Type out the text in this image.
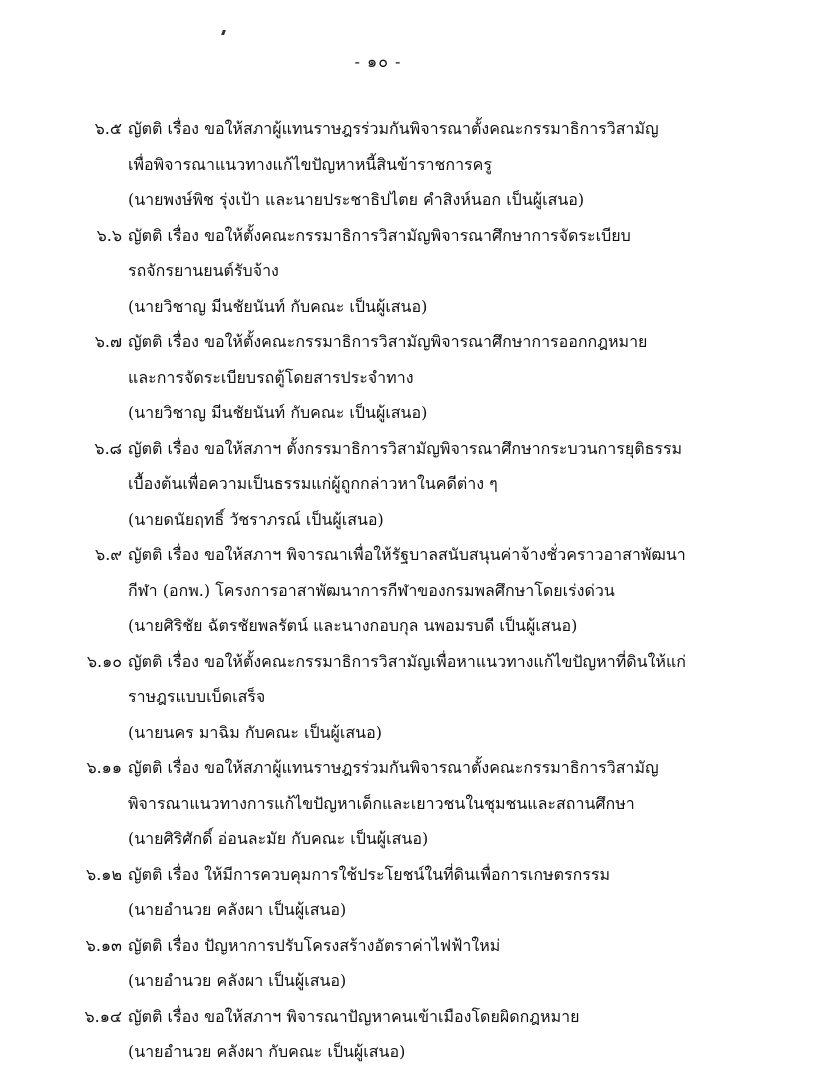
- ๑๐ -
๖.๕ ญัตติ เรื่อง ขอให้สภาผู้แทนราษฎรร่วมกันพิจารณาตั้งคณะกรรมาธิการวิสามัญ
เพื่อพิจารณาแนวทางแก้ไขปัญหาหนี้สินข้าราชการครู
(นายพงษ์พิช รุ่งเป้า และนายประชาธิปไตย คำสิงห์นอก เป็นผู้เสนอ)
๖.๖ ญัตติ เรื่อง ขอให้ตั้งคณะกรรมาธิการวิสามัญพิจารณาศึกษาการจัดระเบียบ
รถจักรยานยนต์รับจ้าง
(นายวิชาญ มีนชัยนันท์ กับคณะ เป็นผู้เสนอ)
๖.๗ ญัตติ เรื่อง ขอให้ตั้งคณะกรรมาธิการวิสามัญพิจารณาศึกษาการออกกฎหมาย
และการจัดระเบียบรถตู้โดยสารประจำทาง
(นายวิชาญ มีนชัยนันท์ กับคณะ เป็นผู้เสนอ)
๖.๘ ญัตติ เรื่อง ขอให้สภาฯ ตั้งกรรมาธิการวิสามัญพิจารณาศึกษากระบวนการยุติธรรม
เบื้องต้นเพื่อความเป็นธรรมแก่ผู้ถูกกล่าวหาในคดีต่าง ๆ
(นายดนัยฤทธิ์ วัชราภรณ์ เป็นผู้เสนอ)
๖.๙ ญัตติ เรื่อง ขอให้สภาฯ พิจารณาเพื่อให้รัฐบาลสนับสนุนค่าจ้างชั่วคราวอาสาพัฒนา
กีฬา (อกพ.) โครงการอาสาพัฒนาการกีฬาของกรมพลศึกษาโดยเร่งด่วน
(นายศิริชัย ฉัตรชัยพลรัตน์ และนางกอบกุล นพอมรบดี เป็นผู้เสนอ)
๖.๑๐ ญัตติ เรื่อง ขอให้ตั้งคณะกรรมาธิการวิสามัญเพื่อหาแนวทางแก้ไขปัญหาที่ดินให้แก่
ราษฎรแบบเบ็ดเสร็จ
(นายนคร มาฉิม กับคณะ เป็นผู้เสนอ)
๖.๑๑ ญัตติ เรื่อง ขอให้สภาผู้แทนราษฎรร่วมกันพิจารณาตั้งคณะกรรมาธิการวิสามัญ
พิจารณาแนวทางการแก้ไขปัญหาเด็กและเยาวชนในชุมชนและสถานศึกษา
(นายศิริศักดิ์ อ่อนละมัย กับคณะ เป็นผู้เสนอ)
๖.๑๒ ญัตติ เรื่อง ให้มีการควบคุมการใช้ประโยชน์ในที่ดินเพื่อการเกษตรกรรม
(นายอำนวย คลังผา เป็นผู้เสนอ)
๖.๑๓ ญัตติ เรื่อง ปัญหาการปรับโครงสร้างอัตราค่าไฟฟ้าใหม่
(นายอำนวย คลังผา เป็นผู้เสนอ)
๖.๑๔ ญัตติ เรื่อง ขอให้สภาฯ พิจารณาปัญหาคนเข้าเมืองโดยผิดกฎหมาย
(นายอำนวย คลังผา กับคณะ เป็นผู้เสนอ)
